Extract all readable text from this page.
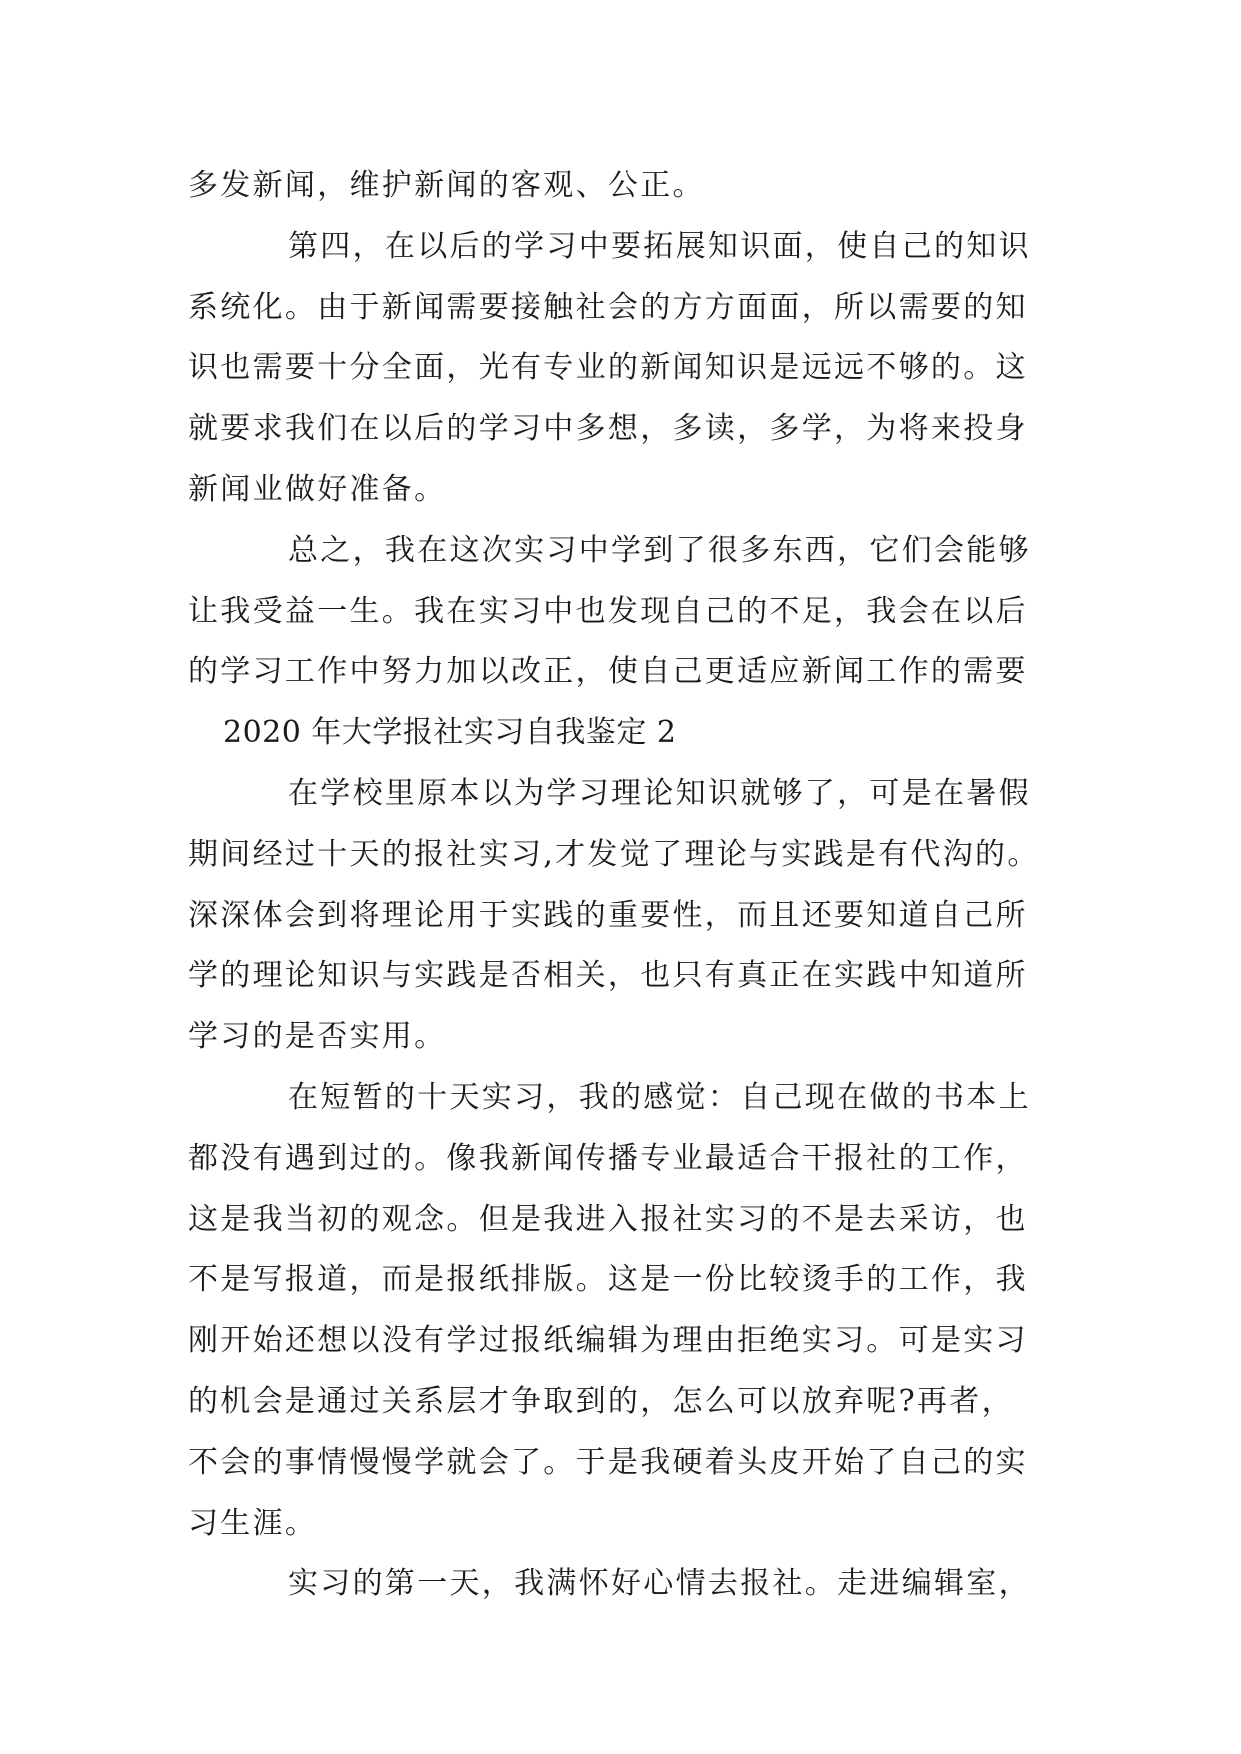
多发新闻，维护新闻的客观、公正。
第四，在以后的学习中要拓展知识面，使自己的知识
系统化。由于新闻需要接触社会的方方面面，所以需要的知
识也需要十分全面，光有专业的新闻知识是远远不够的。这
就要求我们在以后的学习中多想，多读，多学，为将来投身
新闻业做好准备。
总之，我在这次实习中学到了很多东西，它们会能够
让我受益一生。我在实习中也发现自己的不足，我会在以后
的学习工作中努力加以改正，使自己更适应新闻工作的需要
2020 年大学报社实习自我鉴定 2
在学校里原本以为学习理论知识就够了，可是在暑假
期间经过十天的报社实习,才发觉了理论与实践是有代沟的。
深深体会到将理论用于实践的重要性，而且还要知道自己所
学的理论知识与实践是否相关，也只有真正在实践中知道所
学习的是否实用。
在短暂的十天实习，我的感觉：自己现在做的书本上
都没有遇到过的。像我新闻传播专业最适合干报社的工作，
这是我当初的观念。但是我进入报社实习的不是去采访，也
不是写报道，而是报纸排版。这是一份比较烫手的工作，我
刚开始还想以没有学过报纸编辑为理由拒绝实习。可是实习
的机会是通过关系层才争取到的，怎么可以放弃呢?再者，
不会的事情慢慢学就会了。于是我硬着头皮开始了自己的实
习生涯。
实习的第一天，我满怀好心情去报社。走进编辑室，
